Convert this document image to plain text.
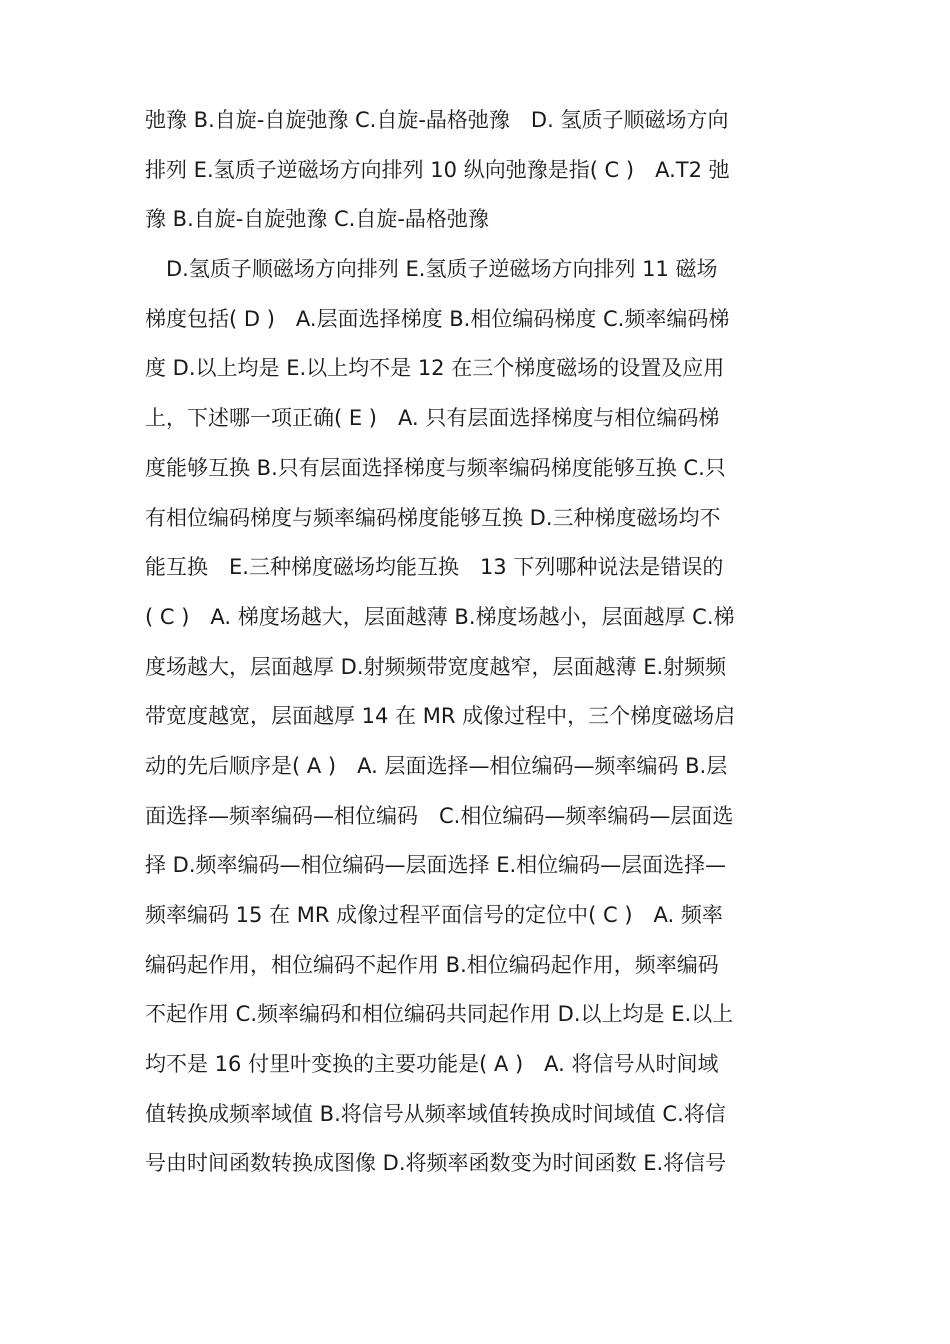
弛豫 B.自旋-自旋弛豫 C.自旋-晶格弛豫　D. 氢质子顺磁场方向
排列 E.氢质子逆磁场方向排列 10 纵向弛豫是指( C )　A.T2 弛
豫 B.自旋-自旋弛豫 C.自旋-晶格弛豫
　D.氢质子顺磁场方向排列 E.氢质子逆磁场方向排列 11 磁场
梯度包括( D )　A.层面选择梯度 B.相位编码梯度 C.频率编码梯
度 D.以上均是 E.以上均不是 12 在三个梯度磁场的设置及应用
上，下述哪一项正确( E )　A. 只有层面选择梯度与相位编码梯
度能够互换 B.只有层面选择梯度与频率编码梯度能够互换 C.只
有相位编码梯度与频率编码梯度能够互换 D.三种梯度磁场均不
能互换　E.三种梯度磁场均能互换　13 下列哪种说法是错误的
( C )　A. 梯度场越大，层面越薄 B.梯度场越小，层面越厚 C.梯
度场越大，层面越厚 D.射频频带宽度越窄，层面越薄 E.射频频
带宽度越宽，层面越厚 14 在 MR 成像过程中，三个梯度磁场启
动的先后顺序是( A )　A. 层面选择—相位编码—频率编码 B.层
面选择—频率编码—相位编码　C.相位编码—频率编码—层面选
择 D.频率编码—相位编码—层面选择 E.相位编码—层面选择—
频率编码 15 在 MR 成像过程平面信号的定位中( C )　A. 频率
编码起作用，相位编码不起作用 B.相位编码起作用，频率编码
不起作用 C.频率编码和相位编码共同起作用 D.以上均是 E.以上
均不是 16 付里叶变换的主要功能是( A )　A. 将信号从时间域
值转换成频率域值 B.将信号从频率域值转换成时间域值 C.将信
号由时间函数转换成图像 D.将频率函数变为时间函数 E.将信号
